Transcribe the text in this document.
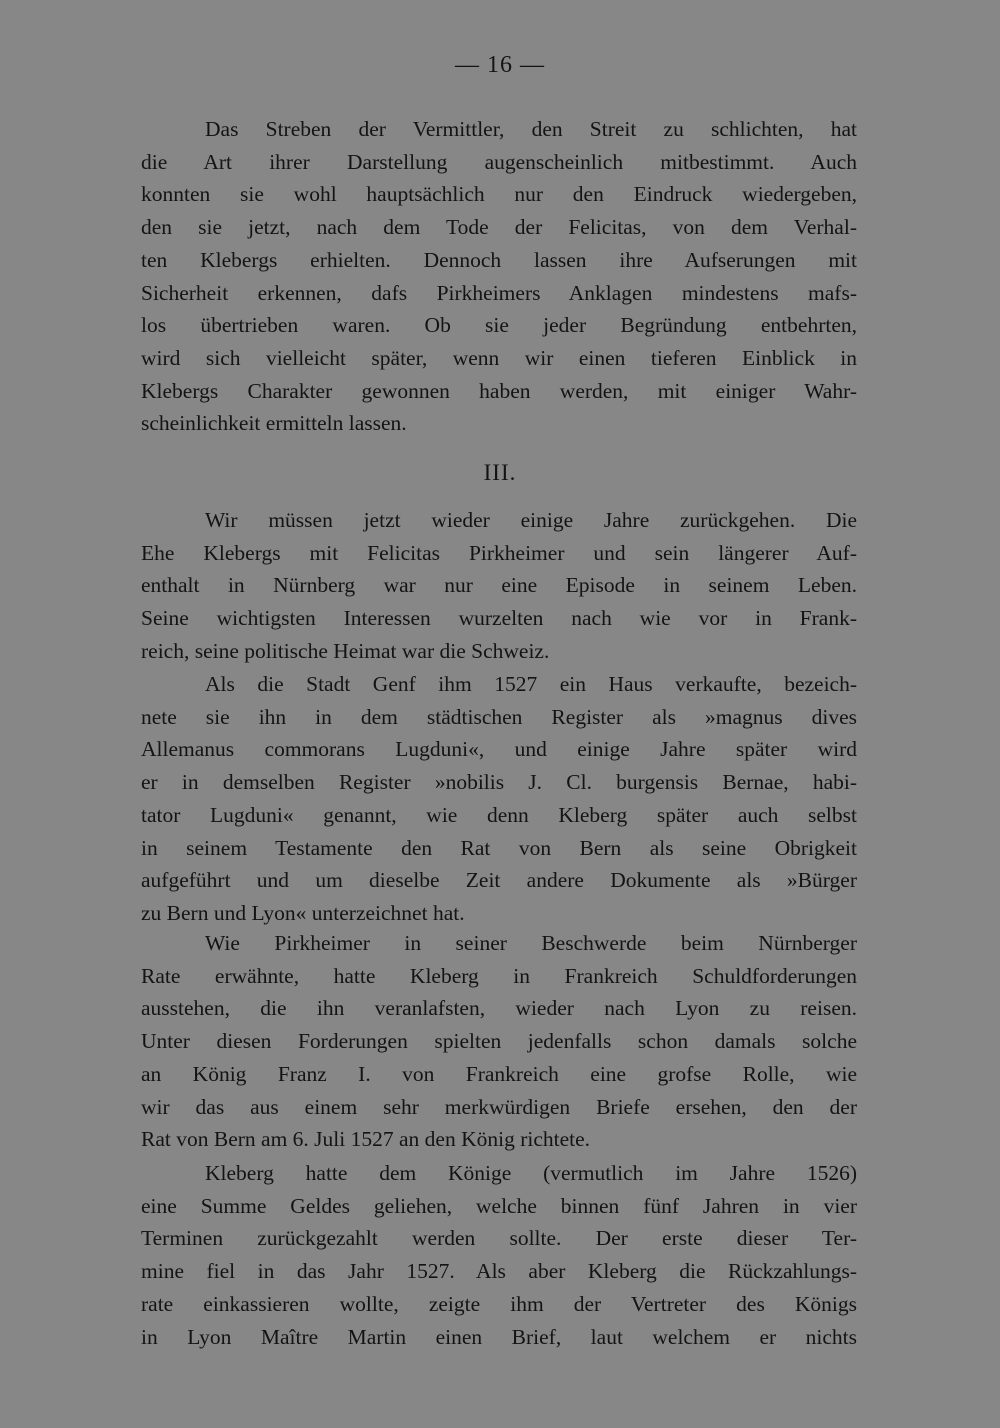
— 16 —
Das Streben der Vermittler, den Streit zu schlichten, hat
die Art ihrer Darstellung augenscheinlich mitbestimmt. Auch
konnten sie wohl hauptsächlich nur den Eindruck wiedergeben,
den sie jetzt, nach dem Tode der Felicitas, von dem Verhal-
ten Klebergs erhielten. Dennoch lassen ihre Aufserungen mit
Sicherheit erkennen, dafs Pirkheimers Anklagen mindestens mafs-
los übertrieben waren. Ob sie jeder Begründung entbehrten,
wird sich vielleicht später, wenn wir einen tieferen Einblick in
Klebergs Charakter gewonnen haben werden, mit einiger Wahr-
scheinlichkeit ermitteln lassen.
III.
Wir müssen jetzt wieder einige Jahre zurückgehen. Die
Ehe Klebergs mit Felicitas Pirkheimer und sein längerer Auf-
enthalt in Nürnberg war nur eine Episode in seinem Leben.
Seine wichtigsten Interessen wurzelten nach wie vor in Frank-
reich, seine politische Heimat war die Schweiz.
Als die Stadt Genf ihm 1527 ein Haus verkaufte, bezeich-
nete sie ihn in dem städtischen Register als »magnus dives
Allemanus commorans Lugduni«, und einige Jahre später wird
er in demselben Register »nobilis J. Cl. burgensis Bernae, habi-
tator Lugduni« genannt, wie denn Kleberg später auch selbst
in seinem Testamente den Rat von Bern als seine Obrigkeit
aufgeführt und um dieselbe Zeit andere Dokumente als »Bürger
zu Bern und Lyon« unterzeichnet hat.
Wie Pirkheimer in seiner Beschwerde beim Nürnberger
Rate erwähnte, hatte Kleberg in Frankreich Schuldforderungen
ausstehen, die ihn veranlafsten, wieder nach Lyon zu reisen.
Unter diesen Forderungen spielten jedenfalls schon damals solche
an König Franz I. von Frankreich eine grofse Rolle, wie
wir das aus einem sehr merkwürdigen Briefe ersehen, den der
Rat von Bern am 6. Juli 1527 an den König richtete.
Kleberg hatte dem Könige (vermutlich im Jahre 1526)
eine Summe Geldes geliehen, welche binnen fünf Jahren in vier
Terminen zurückgezahlt werden sollte. Der erste dieser Ter-
mine fiel in das Jahr 1527. Als aber Kleberg die Rückzahlungs-
rate einkassieren wollte, zeigte ihm der Vertreter des Königs
in Lyon Maître Martin einen Brief, laut welchem er nichts
